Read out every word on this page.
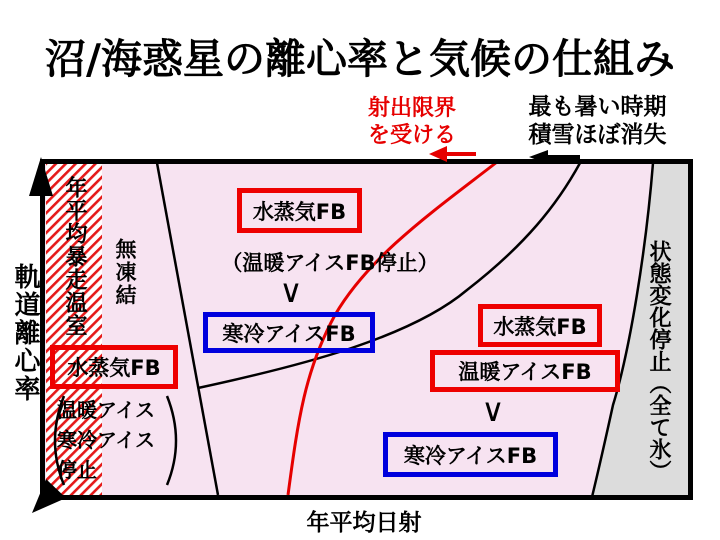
沼/海惑星の離心率と気候の仕組み
射出限界
を受ける
最も暑い時期
積雪ほぼ消失
軌道離心率
年平均日射
年平均暴走温室 無凍結	状態変化停止（全て氷）
水蒸気FB
（温暖アイスFB停止）
∨
寒冷アイスFB
水蒸気FB
温暖アイス
寒冷アイス
停止
水蒸気FB
温暖アイスFB
∨
寒冷アイスFB
